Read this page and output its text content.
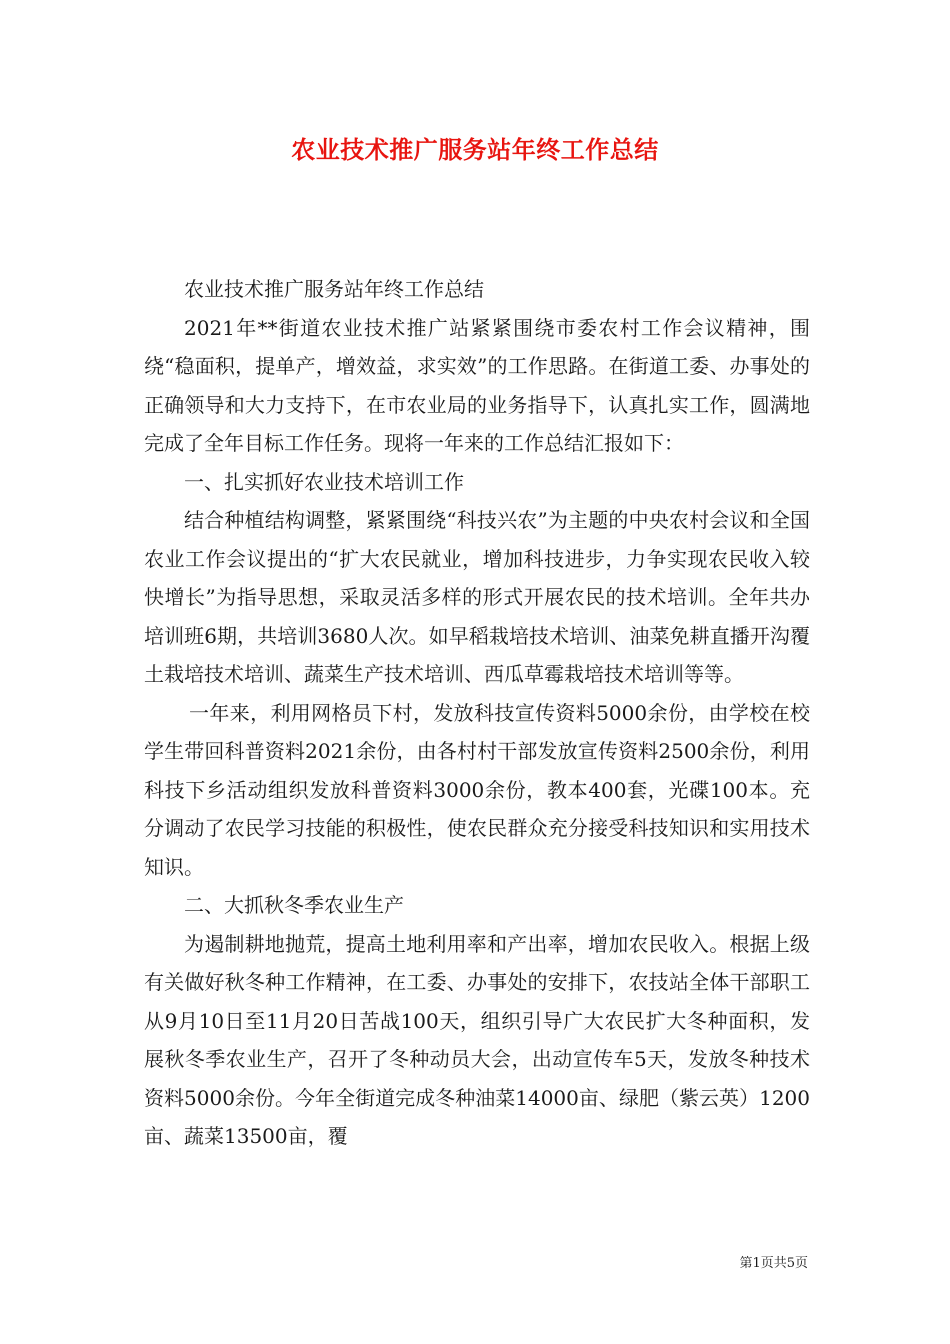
农业技术推广服务站年终工作总结

农业技术推广服务站年终工作总结

2021年**街道农业技术推广站紧紧围绕市委农村工作会议精神，围绕“稳面积，提单产，增效益，求实效”的工作思路。在街道工委、办事处的正确领导和大力支持下，在市农业局的业务指导下，认真扎实工作，圆满地完成了全年目标工作任务。现将一年来的工作总结汇报如下：

一、扎实抓好农业技术培训工作

结合种植结构调整，紧紧围绕“科技兴农”为主题的中央农村会议和全国农业工作会议提出的“扩大农民就业，增加科技进步，力争实现农民收入较快增长”为指导思想，采取灵活多样的形式开展农民的技术培训。全年共办培训班6期，共培训3680人次。如早稻栽培技术培训、油菜免耕直播开沟覆土栽培技术培训、蔬菜生产技术培训、西瓜草霉栽培技术培训等等。

一年来，利用网格员下村，发放科技宣传资料5000余份，由学校在校学生带回科普资料2021余份，由各村村干部发放宣传资料2500余份，利用科技下乡活动组织发放科普资料3000余份，教本400套，光碟100本。充分调动了农民学习技能的积极性，使农民群众充分接受科技知识和实用技术知识。

二、大抓秋冬季农业生产

为遏制耕地抛荒，提高土地利用率和产出率，增加农民收入。根据上级有关做好秋冬种工作精神，在工委、办事处的安排下，农技站全体干部职工从9月10日至11月20日苦战100天，组织引导广大农民扩大冬种面积，发展秋冬季农业生产，召开了冬种动员大会，出动宣传车5天，发放冬种技术资料5000余份。今年全街道完成冬种油菜14000亩、绿肥（紫云英）1200亩、蔬菜13500亩，覆

第1页共5页
